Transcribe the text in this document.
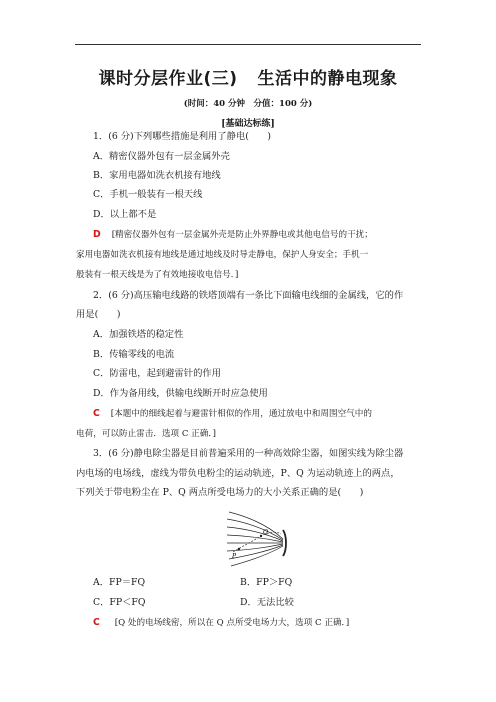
课时分层作业(三) 生活中的静电现象
(时间：40 分钟　分值：100 分)
[基础达标练]
1．(6 分)下列哪些措施是利用了静电(　　)
A．精密仪器外包有一层金属外壳
B．家用电器如洗衣机接有地线
C．手机一般装有一根天线
D．以上都不是
D [精密仪器外包有一层金属外壳是防止外界静电或其他电信号的干扰；
家用电器如洗衣机接有地线是通过地线及时导走静电，保护人身安全；手机一
般装有一根天线是为了有效地接收电信号．]
2．(6 分)高压输电线路的铁塔顶端有一条比下面输电线细的金属线，它的作
用是(　　)
A．加强铁塔的稳定性
B．传输零线的电流
C．防雷电，起到避雷针的作用
D．作为备用线，供输电线断开时应急使用
C [本题中的细线起着与避雷针相似的作用，通过放电中和周围空气中的
电荷，可以防止雷击．选项 C 正确．]
3．(6 分)静电除尘器是目前普遍采用的一种高效除尘器，如图实线为除尘器
内电场的电场线，虚线为带负电粉尘的运动轨迹，P、Q 为运动轨迹上的两点，
下列关于带电粉尘在 P、Q 两点所受电场力的大小关系正确的是(　　)
P
Q
A．FP＝FQ	B．FP＞FQ
C．FP＜FQ	D．无法比较
C [Q 处的电场线密，所以在 Q 点所受电场力大，选项 C 正确．]
